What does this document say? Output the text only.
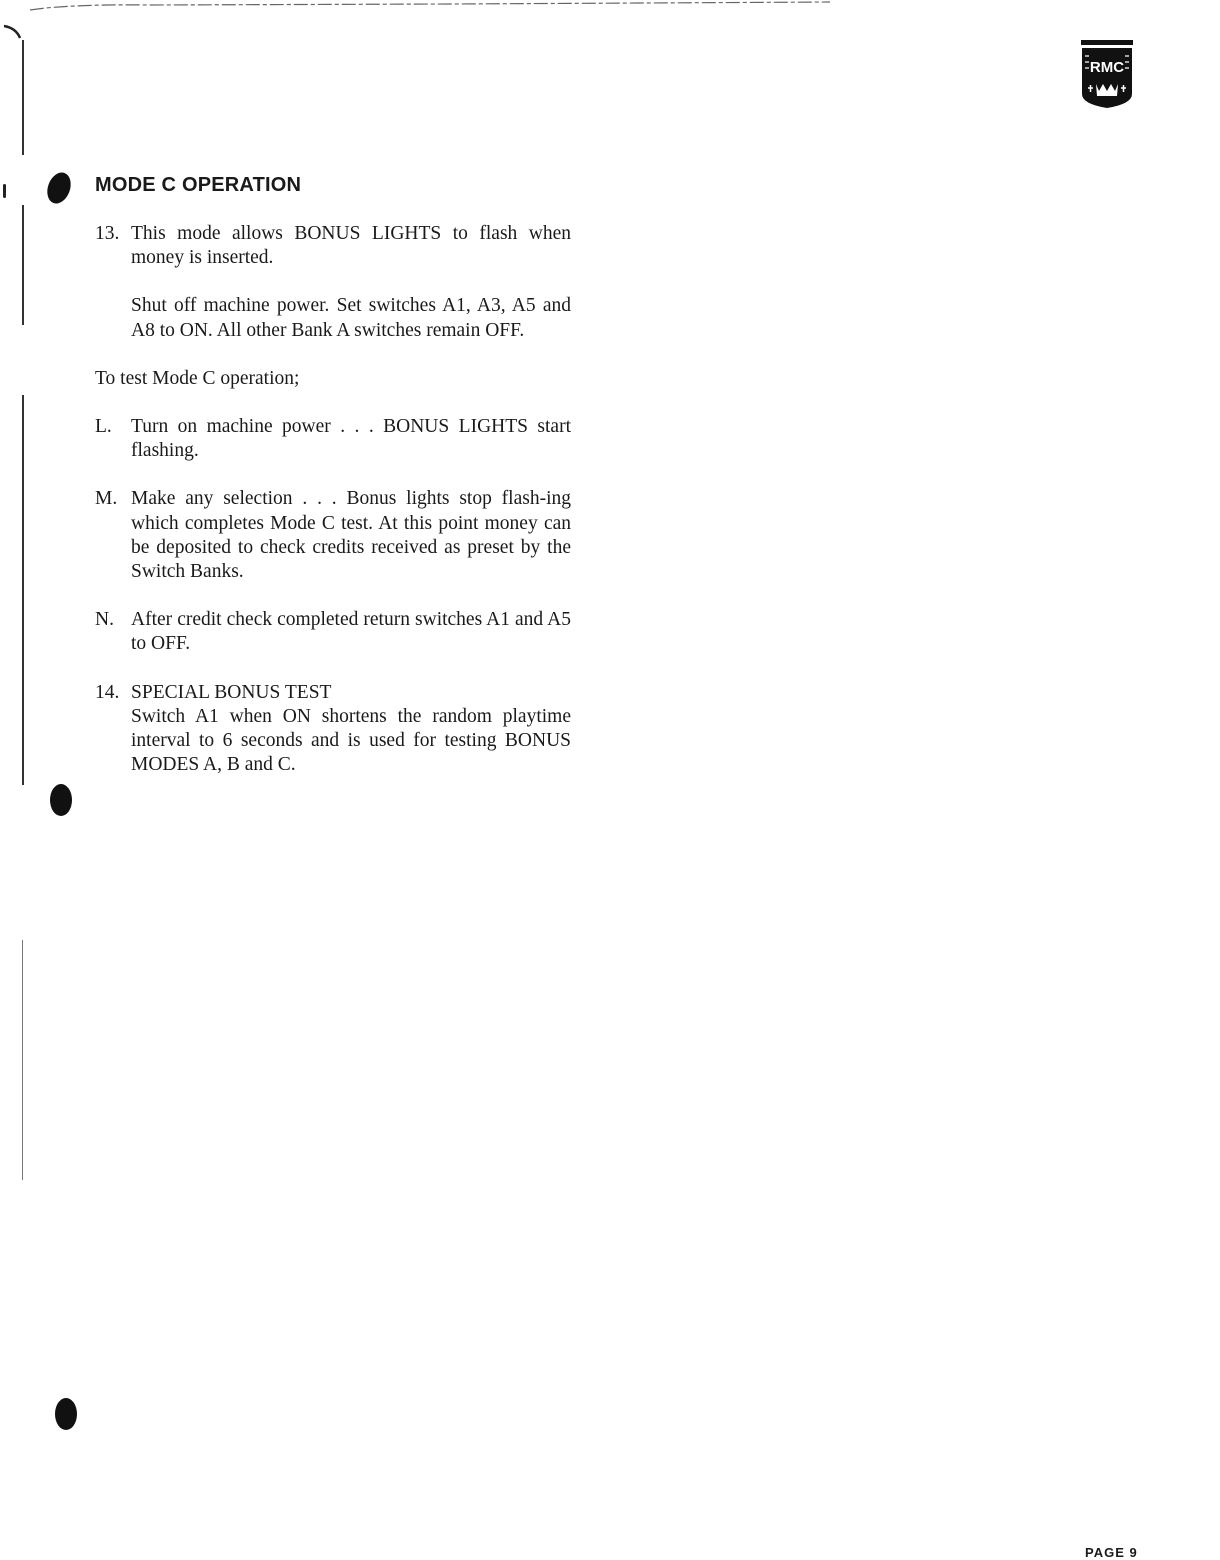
RMC
MODE C OPERATION
13. This mode allows BONUS LIGHTS to flash when money is inserted.
Shut off machine power. Set switches A1, A3, A5 and A8 to ON. All other Bank A switches remain OFF.
To test Mode C operation;
L. Turn on machine power . . . BONUS LIGHTS start flashing.
M. Make any selection . . . Bonus lights stop flash-ing which completes Mode C test. At this point money can be deposited to check credits received as preset by the Switch Banks.
N. After credit check completed return switches A1 and A5 to OFF.
14. SPECIAL BONUS TEST
Switch A1 when ON shortens the random playtime interval to 6 seconds and is used for testing BONUS MODES A, B and C.
PAGE 9
